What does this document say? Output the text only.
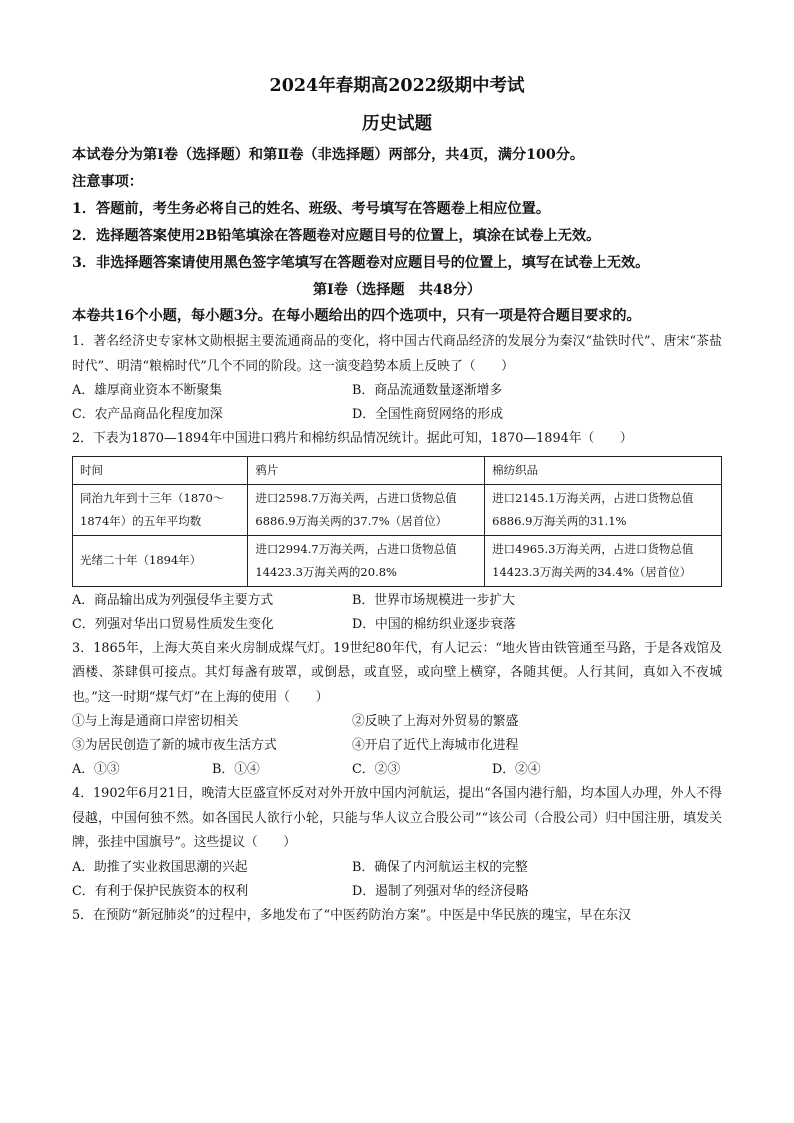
2024年春期高2022级期中考试
历史试题
本试卷分为第Ⅰ卷（选择题）和第Ⅱ卷（非选择题）两部分，共4页，满分100分。
注意事项：
1．答题前，考生务必将自己的姓名、班级、考号填写在答题卷上相应位置。
2．选择题答案使用2B铅笔填涂在答题卷对应题目号的位置上，填涂在试卷上无效。
3．非选择题答案请使用黑色签字笔填写在答题卷对应题目号的位置上，填写在试卷上无效。
第Ⅰ卷（选择题　共48分）
本卷共16个小题，每小题3分。在每小题给出的四个选项中，只有一项是符合题目要求的。
1．著名经济史专家林文勋根据主要流通商品的变化，将中国古代商品经济的发展分为秦汉“盐铁时代”、唐宋“茶盐时代”、明清“粮棉时代”几个不同的阶段。这一演变趋势本质上反映了（　　）
A．雄厚商业资本不断聚集	B．商品流通数量逐渐增多
C．农产品商品化程度加深	D．全国性商贸网络的形成
2．下表为1870—1894年中国进口鸦片和棉纺织品情况统计。据此可知，1870—1894年（　　）
时间	鸦片	棉纺织品
同治九年到十三年（1870～1874年）的五年平均数	进口2598.7万海关两，占进口货物总值6886.9万海关两的37.7%（居首位）	进口2145.1万海关两，占进口货物总值6886.9万海关两的31.1%
光绪二十年（1894年）	进口2994.7万海关两，占进口货物总值14423.3万海关两的20.8%	进口4965.3万海关两，占进口货物总值14423.3万海关两的34.4%（居首位）
A．商品输出成为列强侵华主要方式	B．世界市场规模进一步扩大
C．列强对华出口贸易性质发生变化	D．中国的棉纺织业逐步衰落
3．1865年，上海大英自来火房制成煤气灯。19世纪80年代，有人记云：“地火皆由铁管通至马路，于是各戏馆及酒楼、茶肆俱可接点。其灯每盏有玻罩，或倒悬，或直竖，或向壁上横穿，各随其便。人行其间，真如入不夜城也。”这一时期“煤气灯”在上海的使用（　　）
①与上海是通商口岸密切相关	②反映了上海对外贸易的繁盛
③为居民创造了新的城市夜生活方式	④开启了近代上海城市化进程
A．①③	B．①④	C．②③	D．②④
4．1902年6月21日，晚清大臣盛宣怀反对对外开放中国内河航运，提出“各国内港行船，均本国人办理，外人不得侵越，中国何独不然。如各国民人欲行小轮，只能与华人议立合股公司”“该公司（合股公司）归中国注册，填发关牌，张挂中国旗号”。这些提议（　　）
A．助推了实业救国思潮的兴起	B．确保了内河航运主权的完整
C．有利于保护民族资本的权利	D．遏制了列强对华的经济侵略
5．在预防“新冠肺炎”的过程中，多地发布了“中医药防治方案”。中医是中华民族的瑰宝，早在东汉
